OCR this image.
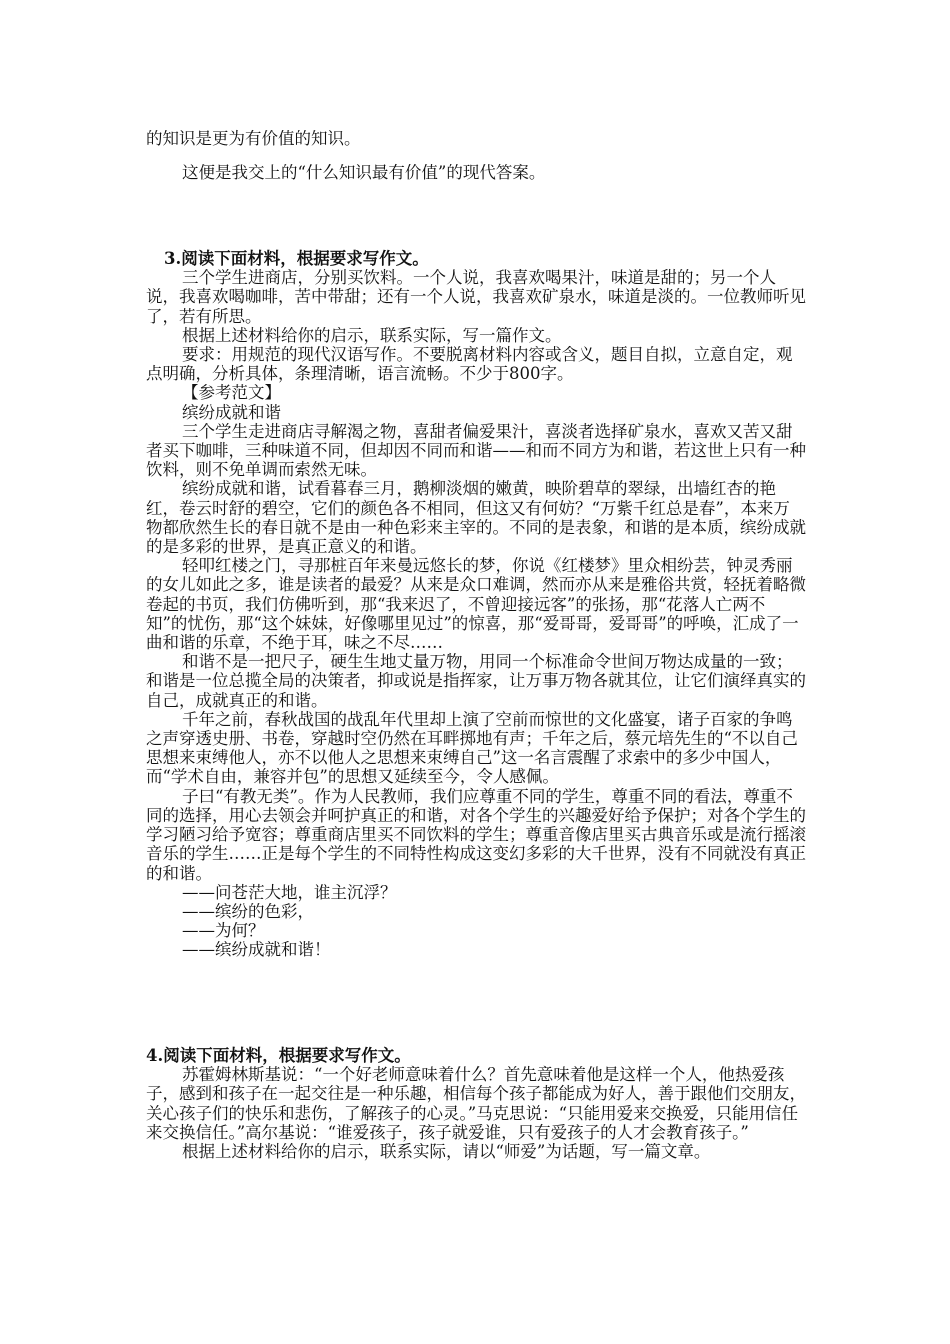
的知识是更为有价值的知识。

这便是我交上的“什么知识最有价值”的现代答案。

3.阅读下面材料，根据要求写作文。

三个学生进商店，分别买饮料。一个人说，我喜欢喝果汁，味道是甜的；另一个人说，我喜欢喝咖啡，苦中带甜；还有一个人说，我喜欢矿泉水，味道是淡的。一位教师听见了，若有所思。

根据上述材料给你的启示，联系实际，写一篇作文。

要求：用规范的现代汉语写作。不要脱离材料内容或含义，题目自拟，立意自定，观点明确，分析具体，条理清晰，语言流畅。不少于800字。

【参考范文】

缤纷成就和谐

三个学生走进商店寻解渴之物，喜甜者偏爱果汁，喜淡者选择矿泉水，喜欢又苦又甜者买下咖啡，三种味道不同，但却因不同而和谐——和而不同方为和谐，若这世上只有一种饮料，则不免单调而索然无味。

缤纷成就和谐，试看暮春三月，鹅柳淡烟的嫩黄，映阶碧草的翠绿，出墙红杏的艳红，卷云时舒的碧空，它们的颜色各不相同，但这又有何妨？“万紫千红总是春”，本来万物都欣然生长的春日就不是由一种色彩来主宰的。不同的是表象，和谐的是本质，缤纷成就的是多彩的世界，是真正意义的和谐。

轻叩红楼之门，寻那桩百年来曼远悠长的梦，你说《红楼梦》里众相纷芸，钟灵秀丽的女儿如此之多，谁是读者的最爱？从来是众口难调，然而亦从来是雅俗共赏，轻抚着略微卷起的书页，我们仿佛听到，那“我来迟了，不曾迎接远客”的张扬，那“花落人亡两不知”的忧伤，那“这个妹妹，好像哪里见过”的惊喜，那“爱哥哥，爱哥哥”的呼唤，汇成了一曲和谐的乐章，不绝于耳，味之不尽……

和谐不是一把尺子，硬生生地丈量万物，用同一个标准命令世间万物达成量的一致；和谐是一位总揽全局的决策者，抑或说是指挥家，让万事万物各就其位，让它们演绎真实的自己，成就真正的和谐。

千年之前，春秋战国的战乱年代里却上演了空前而惊世的文化盛宴，诸子百家的争鸣之声穿透史册、书卷，穿越时空仍然在耳畔掷地有声；千年之后，蔡元培先生的“不以自己思想来束缚他人，亦不以他人之思想来束缚自己”这一名言震醒了求索中的多少中国人，而“学术自由，兼容并包”的思想又延续至今，令人感佩。

子曰“有教无类”。作为人民教师，我们应尊重不同的学生，尊重不同的看法，尊重不同的选择，用心去领会并呵护真正的和谐，对各个学生的兴趣爱好给予保护；对各个学生的学习陋习给予宽容；尊重商店里买不同饮料的学生；尊重音像店里买古典音乐或是流行摇滚音乐的学生……正是每个学生的不同特性构成这变幻多彩的大千世界，没有不同就没有真正的和谐。

——问苍茫大地，谁主沉浮？

——缤纷的色彩，

——为何？

——缤纷成就和谐！

4.阅读下面材料，根据要求写作文。

苏霍姆林斯基说：“一个好老师意味着什么？首先意味着他是这样一个人，他热爱孩子，感到和孩子在一起交往是一种乐趣，相信每个孩子都能成为好人，善于跟他们交朋友，关心孩子们的快乐和悲伤，了解孩子的心灵。”马克思说：“只能用爱来交换爱，只能用信任来交换信任。”高尔基说：“谁爱孩子，孩子就爱谁，只有爱孩子的人才会教育孩子。”

根据上述材料给你的启示，联系实际，请以“师爱”为话题，写一篇文章。
